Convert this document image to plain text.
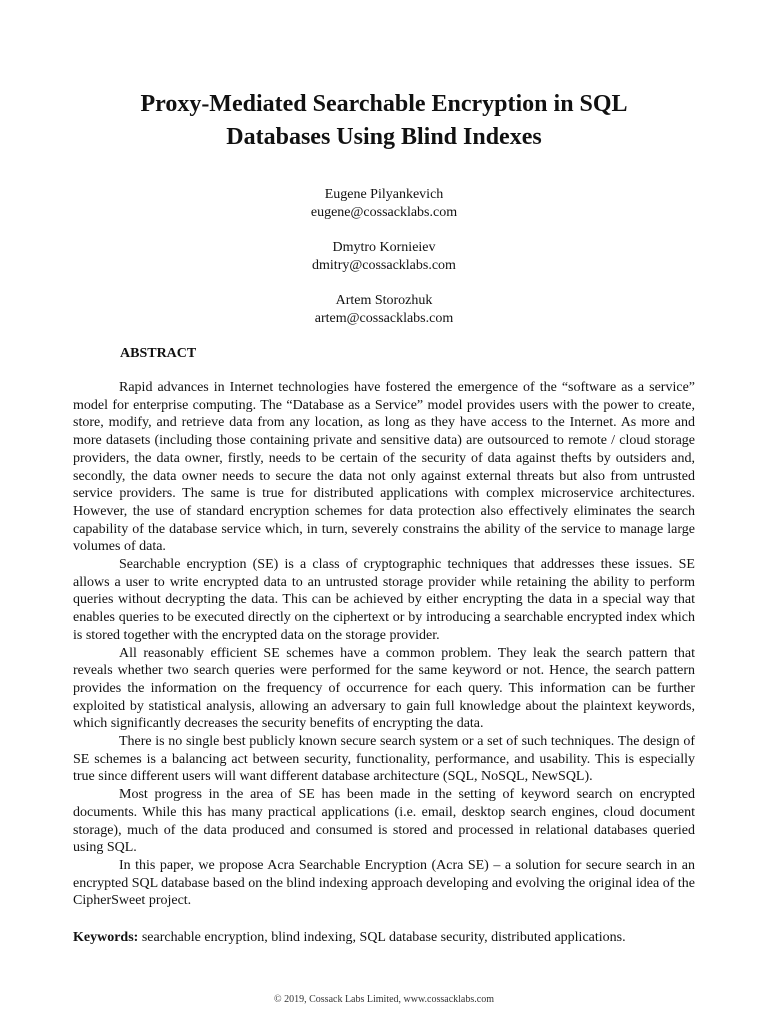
Proxy-Mediated Searchable Encryption in SQL
Databases Using Blind Indexes
Eugene Pilyankevich
eugene@cossacklabs.com
Dmytro Kornieiev
dmitry@cossacklabs.com
Artem Storozhuk
artem@cossacklabs.com
ABSTRACT

Rapid advances in Internet technologies have fostered the emergence of the “software as a service” model for enterprise computing. The “Database as a Service” model provides users with the power to create, store, modify, and retrieve data from any location, as long as they have access to the Internet. As more and more datasets (including those containing private and sensitive data) are outsourced to remote / cloud storage providers, the data owner, firstly, needs to be certain of the security of data against thefts by outsiders and, secondly, the data owner needs to secure the data not only against external threats but also from untrusted service providers. The same is true for distributed applications with complex microservice architectures. However, the use of standard encryption schemes for data protection also effectively eliminates the search capability of the database service which, in turn, severely constrains the ability of the service to manage large volumes of data.

Searchable encryption (SE) is a class of cryptographic techniques that addresses these issues. SE allows a user to write encrypted data to an untrusted storage provider while retaining the ability to perform queries without decrypting the data. This can be achieved by either encrypting the data in a special way that enables queries to be executed directly on the ciphertext or by introducing a searchable encrypted index which is stored together with the encrypted data on the storage provider.

All reasonably efficient SE schemes have a common problem. They leak the search pattern that reveals whether two search queries were performed for the same keyword or not. Hence, the search pattern provides the information on the frequency of occurrence for each query. This information can be further exploited by statistical analysis, allowing an adversary to gain full knowledge about the plaintext keywords, which significantly decreases the security benefits of encrypting the data.

There is no single best publicly known secure search system or a set of such techniques. The design of SE schemes is a balancing act between security, functionality, performance, and usability. This is especially true since different users will want different database architecture (SQL, NoSQL, NewSQL).

Most progress in the area of SE has been made in the setting of keyword search on encrypted documents. While this has many practical applications (i.e. email, desktop search engines, cloud document storage), much of the data produced and consumed is stored and processed in relational databases queried using SQL.

In this paper, we propose Acra Searchable Encryption (Acra SE) – a solution for secure search in an encrypted SQL database based on the blind indexing approach developing and evolving the original idea of the CipherSweet project.

Keywords: searchable encryption, blind indexing, SQL database security, distributed applications.
© 2019, Cossack Labs Limited, www.cossacklabs.com
